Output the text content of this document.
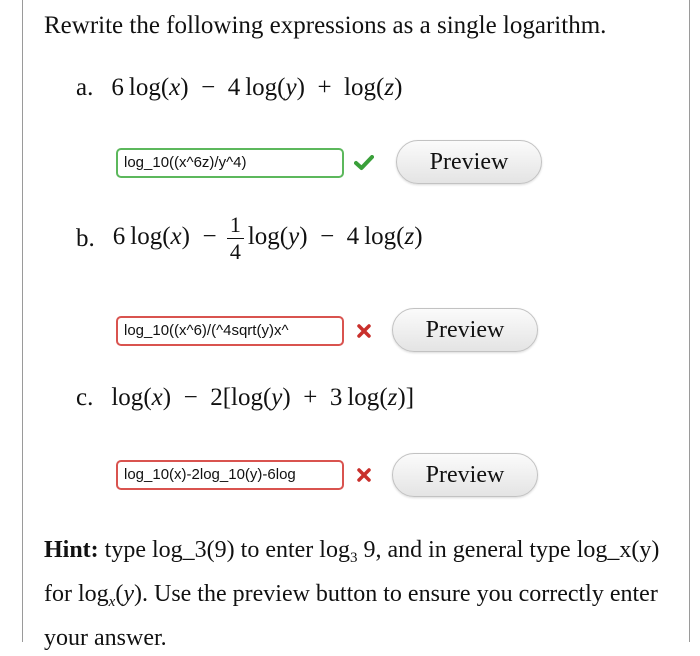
Rewrite the following expressions as a single logarithm.
a. 6  log(x)  − 4  log(y)  + log(z)
log_10((x^6z)/y^4)	Preview
b. 6  $\log(x) - \frac{1}{4} \log(y) - 4$  log(z)
log_10((x^6)/(^4sqrt(y)x^	Preview
c. log(x)  − 2[log(y)  + 3  log(z)]
log_10(x)-2log_10(y)-6log	Preview
Hint: type log_3(9) to enter $\log_3 9$, and in general type log_x(y) for $\log_x(y)$. Use the preview button to ensure you correctly enter your answer.
